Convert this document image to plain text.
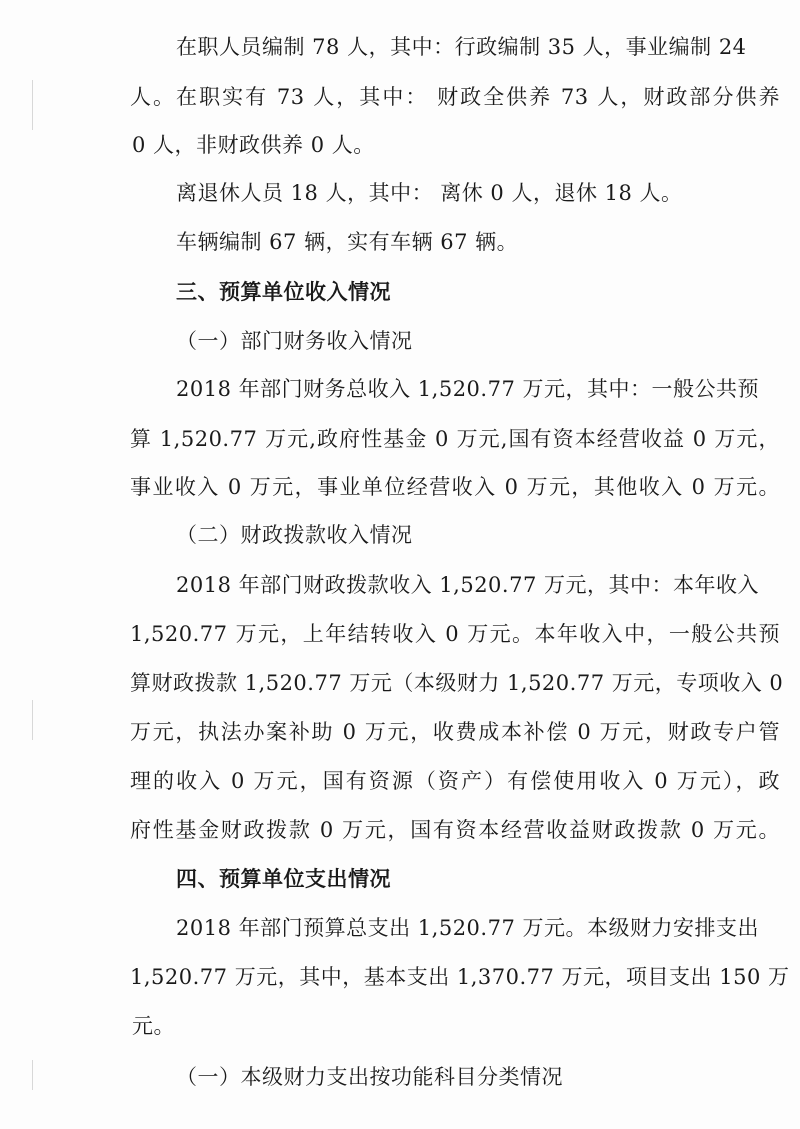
在职人员编制 78 人，其中：行政编制 35 人，事业编制 24
人。在职实有 73 人，其中： 财政全供养 73 人，财政部分供养
0 人，非财政供养 0 人。
离退休人员 18 人，其中： 离休 0 人，退休 18 人。
车辆编制 67 辆，实有车辆 67 辆。
三、预算单位收入情况
（一）部门财务收入情况
2018 年部门财务总收入 1,520.77 万元，其中：一般公共预
算 1,520.77 万元,政府性基金 0 万元,国有资本经营收益 0 万元，
事业收入 0 万元，事业单位经营收入 0 万元，其他收入 0 万元。
（二）财政拨款收入情况
2018 年部门财政拨款收入 1,520.77 万元，其中：本年收入
1,520.77 万元，上年结转收入 0 万元。本年收入中，一般公共预
算财政拨款 1,520.77 万元（本级财力 1,520.77 万元，专项收入 0
万元，执法办案补助 0 万元，收费成本补偿 0 万元，财政专户管
理的收入 0 万元，国有资源（资产）有偿使用收入 0 万元），政
府性基金财政拨款 0 万元，国有资本经营收益财政拨款 0 万元。
四、预算单位支出情况
2018 年部门预算总支出 1,520.77 万元。本级财力安排支出
1,520.77 万元，其中，基本支出 1,370.77 万元，项目支出 150 万
元。
（一）本级财力支出按功能科目分类情况
